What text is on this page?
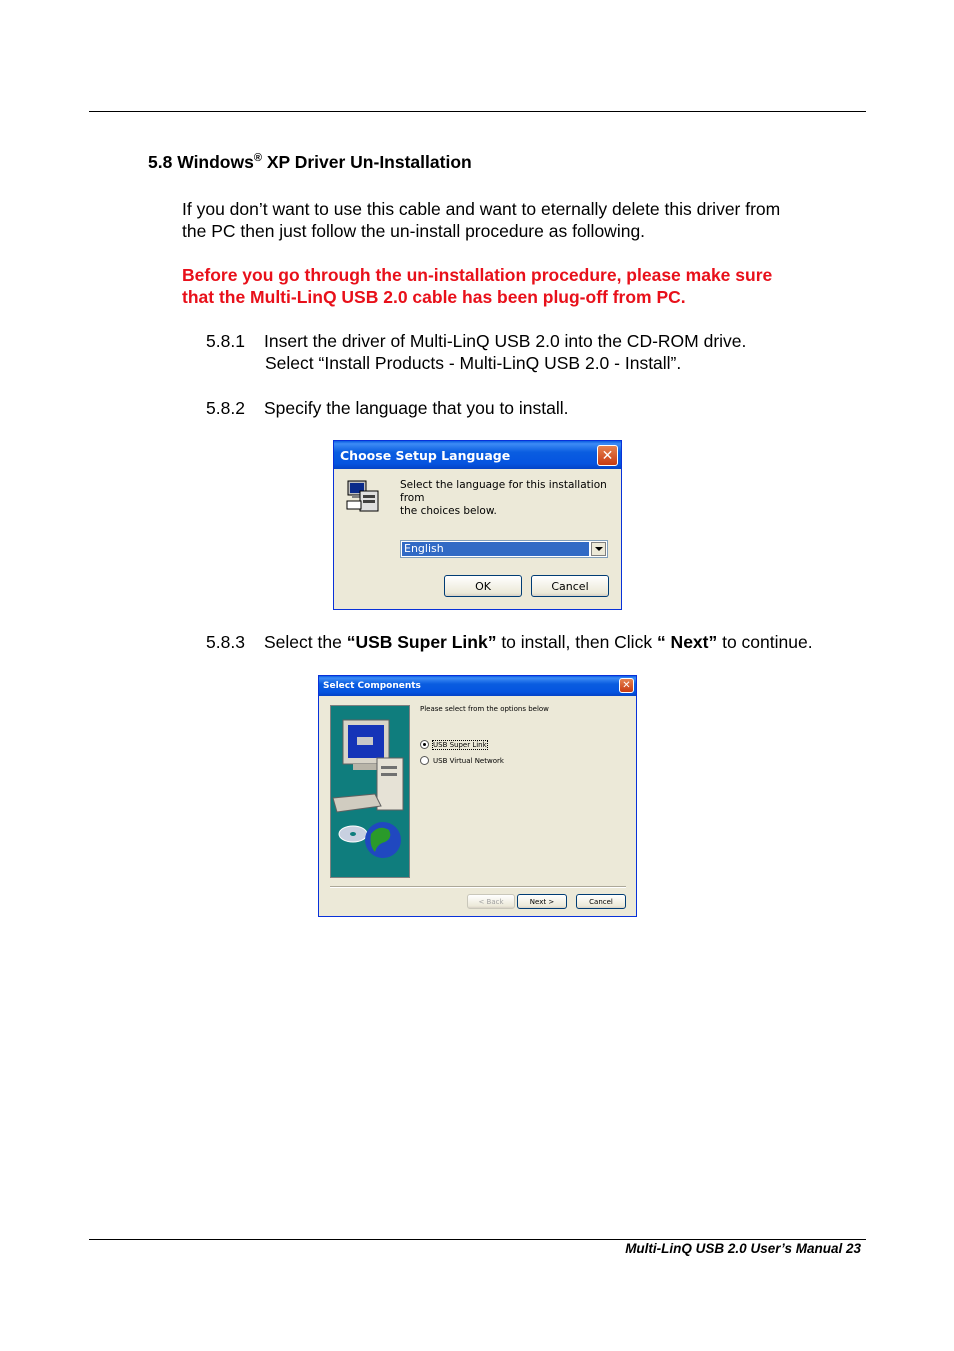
5.8 Windows® XP Driver Un-Installation

If you don’t want to use this cable and want to eternally delete this driver from

the PC then just follow the un-install procedure as following.

Before you go through the un-installation procedure, please make sure

that the Multi-LinQ USB 2.0 cable has been plug-off from PC.

5.8.1 Insert the driver of Multi-LinQ USB 2.0 into the CD-ROM drive.

Select “Install Products - Multi-LinQ USB 2.0 - Install”.

5.8.2 Specify the language that you to install.

Choose Setup Language	✕
Select the language for this installation from
the choices below.
English
OK	Cancel

5.8.3 Select the “USB Super Link” to install, then Click “ Next” to continue.

Select Components	✕
Please select from the options below
USB Super Link
USB Virtual Network
< Back	Next >	Cancel
Multi-LinQ USB 2.0 User’s Manual 23
